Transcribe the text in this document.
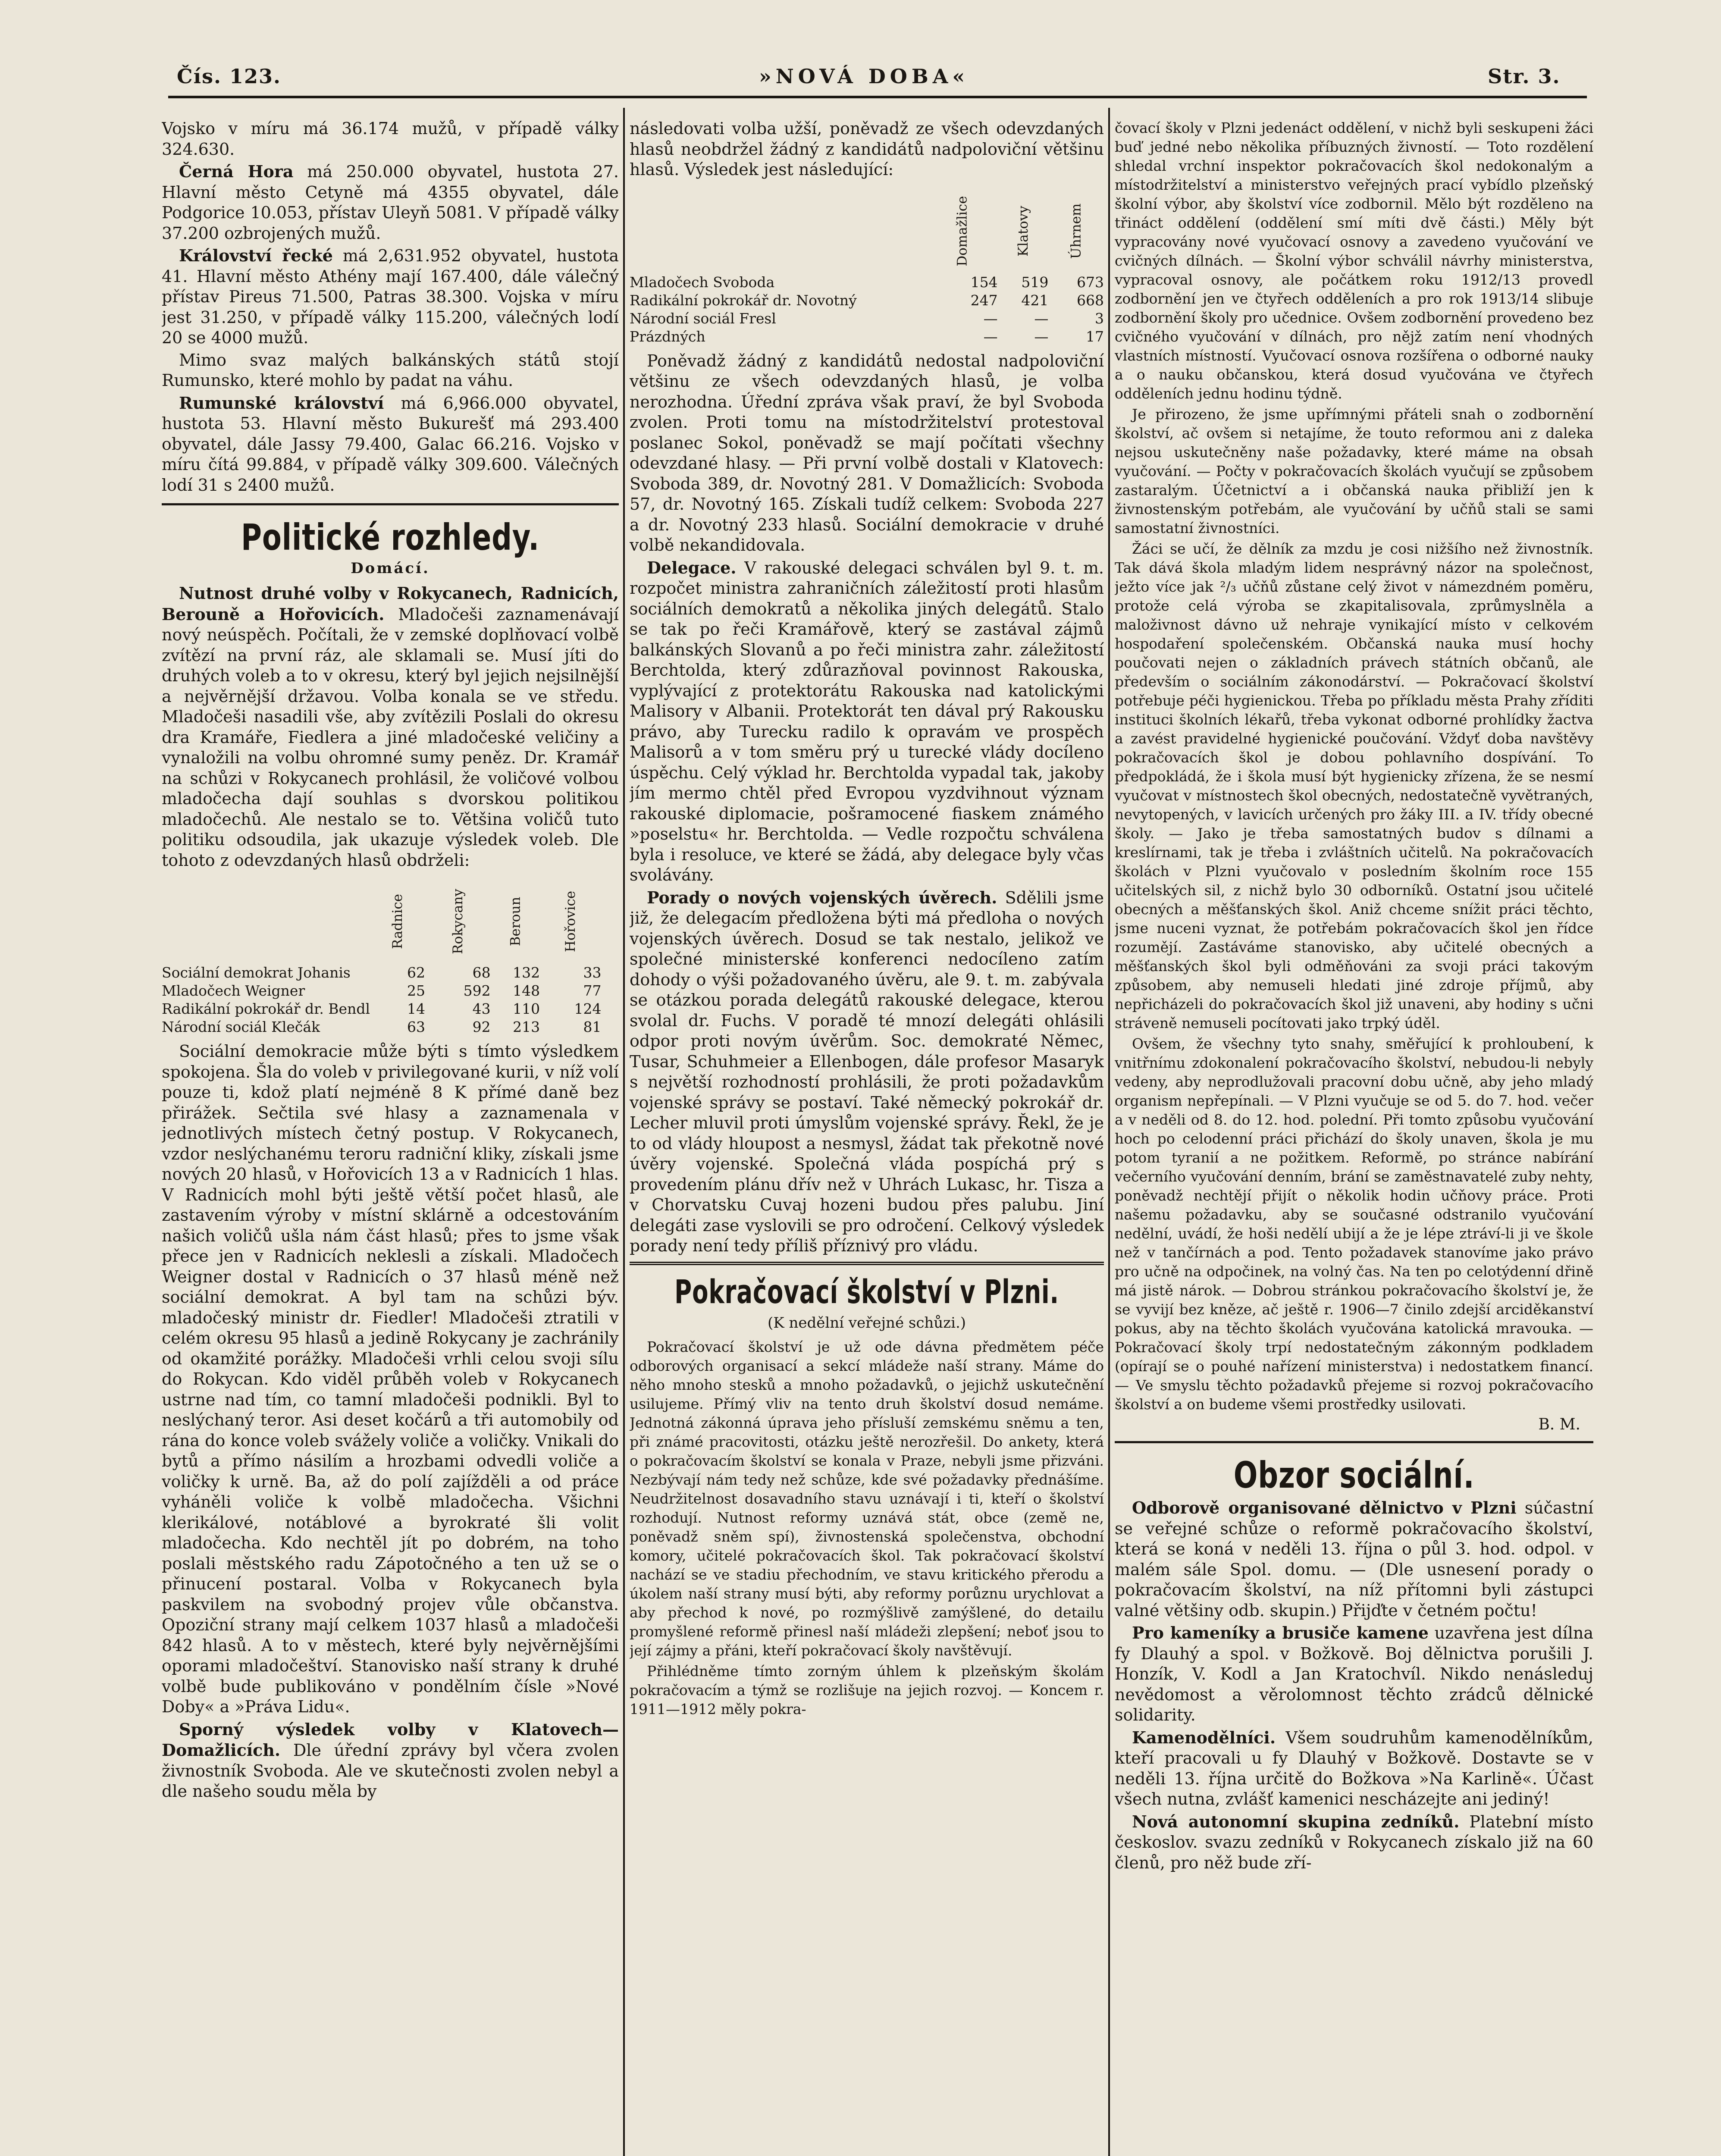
Čís. 123.	»NOVÁ DOBA«	Str. 3.

Vojsko v míru má 36.174 mužů, v případě války 324.630.

Černá Hora má 250.000 obyvatel, hustota 27. Hlavní město Cetyně má 4355 obyvatel, dále Podgorice 10.053, přístav Uleyň 5081. V případě války 37.200 ozbrojených mužů.

Království řecké má 2,631.952 obyvatel, hustota 41. Hlavní město Athény mají 167.400, dále válečný přístav Pireus 71.500, Patras 38.300. Vojska v míru jest 31.250, v případě války 115.200, válečných lodí 20 se 4000 mužů.

Mimo svaz malých balkánských států stojí Rumunsko, které mohlo by padat na váhu.

Rumunské království má 6,966.000 obyvatel, hustota 53. Hlavní město Bukurešť má 293.400 obyvatel, dále Jassy 79.400, Galac 66.216. Vojsko v míru čítá 99.884, v případě války 309.600. Válečných lodí 31 s 2400 mužů.

Politické rozhledy.
Domácí.

Nutnost druhé volby v Rokycanech, Radnicích, Berouně a Hořovicích. Mladočeši zaznamenávají nový neúspěch. Počítali, že v zemské doplňovací volbě zvítězí na první ráz, ale sklamali se. Musí jíti do druhých voleb a to v okresu, který byl jejich nejsilnější a nejvěrnější državou. Volba konala se ve středu. Mladočeši nasadili vše, aby zvítězili Poslali do okresu dra Kramáře, Fiedlera a jiné mladočeské veličiny a vynaložili na volbu ohromné sumy peněz. Dr. Kramář na schůzi v Rokycanech prohlásil, že voličové volbou mladočecha dají souhlas s dvorskou politikou mladočechů. Ale nestalo se to. Většina voličů tuto politiku odsoudila, jak ukazuje výsledek voleb. Dle tohoto z odevzdaných hlasů obdrželi:

	Radnice	Rokycany	Beroun	Hořovice	
Sociální demokrat Johanis	62	68	132	33	
Mladočech Weigner	25	592	148	77	
Radikální pokrokář dr. Bendl	14	43	110	124	
Národní sociál Klečák	63	92	213	81	

Sociální demokracie může býti s tímto výsledkem spokojena. Šla do voleb v privilegované kurii, v níž volí pouze ti, kdož platí nejméně 8 K přímé daně bez přirážek. Sečtila své hlasy a zaznamenala v jednotlivých místech četný postup. V Rokycanech, vzdor neslýchanému teroru radniční kliky, získali jsme nových 20 hlasů, v Hořovicích 13 a v Radnicích 1 hlas. V Radnicích mohl býti ještě větší počet hlasů, ale zastavením výroby v místní sklárně a odcestováním našich voličů ušla nám část hlasů; přes to jsme však přece jen v Radnicích neklesli a získali. Mladočech Weigner dostal v Radnicích o 37 hlasů méně než sociální demokrat. A byl tam na schůzi býv. mladočeský ministr dr. Fiedler! Mladočeši ztratili v celém okresu 95 hlasů a jedině Rokycany je zachránily od okamžité porážky. Mladočeši vrhli celou svoji sílu do Rokycan. Kdo viděl průběh voleb v Rokycanech ustrne nad tím, co tamní mladočeši podnikli. Byl to neslýchaný teror. Asi deset kočárů a tři automobily od rána do konce voleb svážely voliče a voličky. Vnikali do bytů a přímo násilím a hrozbami odvedli voliče a voličky k urně. Ba, až do polí zajížděli a od práce vyháněli voliče k volbě mladočecha. Všichni klerikálové, notáblové a byrokraté šli volit mladočecha. Kdo nechtěl jít po dobrém, na toho poslali městského radu Zápotočného a ten už se o přinucení postaral. Volba v Rokycanech byla paskvilem na svobodný projev vůle občanstva. Opoziční strany mají celkem 1037 hlasů a mladočeši 842 hlasů. A to v městech, které byly nejvěrnějšími oporami mladočeštví. Stanovisko naší strany k druhé volbě bude publikováno v pondělním čísle »Nové Doby« a »Práva Lidu«.

Sporný výsledek volby v Klatovech— Domažlicích. Dle úřední zprávy byl včera zvolen živnostník Svoboda. Ale ve skutečnosti zvolen nebyl a dle našeho soudu měla by

následovati volba užší, poněvadž ze všech odevzdaných hlasů neobdržel žádný z kandidátů nadpoloviční většinu hlasů. Výsledek jest následující:

	Domažlice	Klatovy	Úhrnem
Mladočech Svoboda	154	519	673
Radikální pokrokář dr. Novotný	247	421	668
Národní sociál Fresl	—	—	3
Prázdných	—	—	17

Poněvadž žádný z kandidátů nedostal nadpoloviční většinu ze všech odevzdaných hlasů, je volba nerozhodna. Úřední zpráva však praví, že byl Svoboda zvolen. Proti tomu na místodržitelství protestoval poslanec Sokol, poněvadž se mají počítati všechny odevzdané hlasy. — Při první volbě dostali v Klatovech: Svoboda 389, dr. Novotný 281. V Domažlicích: Svoboda 57, dr. Novotný 165. Získali tudíž celkem: Svoboda 227 a dr. Novotný 233 hlasů. Sociální demokracie v druhé volbě nekandidovala.

Delegace. V rakouské delegaci schválen byl 9. t. m. rozpočet ministra zahraničních záležitostí proti hlasům sociálních demokratů a několika jiných delegátů. Stalo se tak po řeči Kramářově, který se zastával zájmů balkánských Slovanů a po řeči ministra zahr. záležitostí Berchtolda, který zdůrazňoval povinnost Rakouska, vyplývající z protektorátu Rakouska nad katolickými Malisory v Albanii. Protektorát ten dával prý Rakousku právo, aby Turecku radilo k opravám ve prospěch Malisorů a v tom směru prý u turecké vlády docíleno úspěchu. Celý výklad hr. Berchtolda vypadal tak, jakoby jím mermo chtěl před Evropou vyzdvihnout význam rakouské diplomacie, pošramocené fiaskem známého »poselstu« hr. Berchtolda. — Vedle rozpočtu schválena byla i resoluce, ve které se žádá, aby delegace byly včas svolávány.

Porady o nových vojenských úvěrech. Sdělili jsme již, že delegacím předložena býti má předloha o nových vojenských úvěrech. Dosud se tak nestalo, jelikož ve společné ministerské konferenci nedocíleno zatím dohody o výši požadovaného úvěru, ale 9. t. m. zabývala se otázkou porada delegátů rakouské delegace, kterou svolal dr. Fuchs. V poradě té mnozí delegáti ohlásili odpor proti novým úvěrům. Soc. demokraté Němec, Tusar, Schuhmeier a Ellenbogen, dále profesor Masaryk s největší rozhodností prohlásili, že proti požadavkům vojenské správy se postaví. Také německý pokrokář dr. Lecher mluvil proti úmyslům vojenské správy. Řekl, že je to od vlády hloupost a nesmysl, žádat tak překotně nové úvěry vojenské. Společná vláda pospíchá prý s provedením plánu dřív než v Uhrách Lukasc, hr. Tisza a v Chorvatsku Cuvaj hozeni budou přes palubu. Jiní delegáti zase vyslovili se pro odročení. Celkový výsledek porady není tedy příliš příznivý pro vládu.

Pokračovací školství v Plzni.
(K nedělní veřejné schůzi.)

Pokračovací školství je už ode dávna předmětem péče odborových organisací a sekcí mládeže naší strany. Máme do něho mnoho stesků a mnoho požadavků, o jejichž uskutečnění usilujeme. Přímý vliv na tento druh školství dosud nemáme. Jednotná zákonná úprava jeho přísluší zemskému sněmu a ten, při známé pracovitosti, otázku ještě nerozřešil. Do ankety, která o pokračovacím školství se konala v Praze, nebyli jsme přizváni. Nezbývají nám tedy než schůze, kde své požadavky přednášíme. Neudržitelnost dosavadního stavu uznávají i ti, kteří o školství rozhodují. Nutnost reformy uznává stát, obce (země ne, poněvadž sněm spí), živnostenská společenstva, obchodní komory, učitelé pokračovacích škol. Tak pokračovací školství nachází se ve stadiu přechodním, ve stavu kritického přerodu a úkolem naší strany musí býti, aby reformy porůznu urychlovat a aby přechod k nové, po rozmýšlivě zamýšlené, do detailu promyšlené reformě přinesl naší mládeži zlepšení; neboť jsou to její zájmy a přáni, kteří pokračovací školy navštěvují.

Přihlédněme tímto zorným úhlem k plzeňským školám pokračovacím a týmž se rozlišuje na jejich rozvoj. — Koncem r. 1911—1912 měly pokra-

čovací školy v Plzni jedenáct oddělení, v nichž byli seskupeni žáci buď jedné nebo několika příbuzných živností. — Toto rozdělení shledal vrchní inspektor pokračovacích škol nedokonalým a místodržitelství a ministerstvo veřejných prací vybídlo plzeňský školní výbor, aby školství více zodbornil. Mělo být rozděleno na třináct oddělení (oddělení smí míti dvě části.) Měly být vypracovány nové vyučovací osnovy a zavedeno vyučování ve cvičných dílnách. — Školní výbor schválil návrhy ministerstva, vypracoval osnovy, ale počátkem roku 1912/13 provedl zodbornění jen ve čtyřech odděleních a pro rok 1913/14 slibuje zodbornění školy pro učednice. Ovšem zodbornění provedeno bez cvičného vyučování v dílnách, pro nějž zatím není vhodných vlastních místností. Vyučovací osnova rozšířena o odborné nauky a o nauku občanskou, která dosud vyučována ve čtyřech odděleních jednu hodinu týdně.

Je přirozeno, že jsme upřímnými přáteli snah o zodbornění školství, ač ovšem si netajíme, že touto reformou ani z daleka nejsou uskutečněny naše požadavky, které máme na obsah vyučování. — Počty v pokračovacích školách vyučují se způsobem zastaralým. Účetnictví a i občanská nauka přibliží jen k živnostenským potřebám, ale vyučování by učňů stali se sami samostatní živnostníci.

Žáci se učí, že dělník za mzdu je cosi nižšího než živnostník. Tak dává škola mladým lidem nesprávný názor na společnost, ježto více jak ²/₃ učňů zůstane celý život v námezdném poměru, protože celá výroba se zkapitalisovala, zprůmyslněla a maloživnost dávno už nehraje vynikající místo v celkovém hospodaření společenském. Občanská nauka musí hochy poučovati nejen o základních právech státních občanů, ale především o sociálním zákonodárství. — Pokračovací školství potřebuje péči hygienickou. Třeba po příkladu města Prahy zříditi instituci školních lékařů, třeba vykonat odborné prohlídky žactva a zavést pravidelné hygienické poučování. Vždyť doba navštěvy pokračovacích škol je dobou pohlavního dospívání. To předpokládá, že i škola musí být hygienicky zřízena, že se nesmí vyučovat v místnostech škol obecných, nedostatečně vyvětraných, nevytopených, v lavicích určených pro žáky III. a IV. třídy obecné školy. — Jako je třeba samostatných budov s dílnami a kreslírnami, tak je třeba i zvláštních učitelů. Na pokračovacích školách v Plzni vyučovalo v posledním školním roce 155 učitelských sil, z nichž bylo 30 odborníků. Ostatní jsou učitelé obecných a měšťanských škol. Aniž chceme snížit práci těchto, jsme nuceni vyznat, že potřebám pokračovacích škol jen řídce rozumějí. Zastáváme stanovisko, aby učitelé obecných a měšťanských škol byli odměňováni za svoji práci takovým způsobem, aby nemuseli hledati jiné zdroje příjmů, aby nepřicházeli do pokračovacích škol již unaveni, aby hodiny s učni stráveně nemuseli pocítovati jako trpký úděl.

Ovšem, že všechny tyto snahy, směřující k prohloubení, k vnitřnímu zdokonalení pokračovacího školství, nebudou-li nebyly vedeny, aby neprodlužovali pracovní dobu učně, aby jeho mladý organism nepřepínali. — V Plzni vyučuje se od 5. do 7. hod. večer a v neděli od 8. do 12. hod. polední. Při tomto způsobu vyučování hoch po celodenní práci přichází do školy unaven, škola je mu potom tyranií a ne požitkem. Reformě, po stránce nabírání večerního vyučování denním, brání se zaměstnavatelé zuby nehty, poněvadž nechtějí přijít o několik hodin učňovy práce. Proti našemu požadavku, aby se současné odstranilo vyučování nedělní, uvádí, že hoši nedělí ubijí a že je lépe ztráví-li ji ve škole než v tančírnách a pod. Tento požadavek stanovíme jako právo pro učně na odpočinek, na volný čas. Na ten po celotýdenní dřině má jistě nárok. — Dobrou stránkou pokračovacího školství je, že se vyvijí bez kněze, ač ještě r. 1906—7 činilo zdejší arciděkanství pokus, aby na těchto školách vyučována katolická mravouka. — Pokračovací školy trpí nedostatečným zákonným podkladem (opírají se o pouhé nařízení ministerstva) i nedostatkem financí. — Ve smyslu těchto požadavků přejeme si rozvoj pokračovacího školství a on budeme všemi prostředky usilovati.

B. M.
Obzor sociální.

Odborově organisované dělnictvo v Plzni súčastní se veřejné schůze o reformě pokračovacího školství, která se koná v neděli 13. října o půl 3. hod. odpol. v malém sále Spol. domu. — (Dle usnesení porady o pokračovacím školství, na níž přítomni byli zástupci valné většiny odb. skupin.) Přijďte v četném počtu!

Pro kameníky a brusiče kamene uzavřena jest dílna fy Dlauhý a spol. v Božkově. Boj dělnictva porušili J. Honzík, V. Kodl a Jan Kratochvíl. Nikdo nenásleduj nevědomost a věrolomnost těchto zrádců dělnické solidarity.

Kamenodělníci. Všem soudruhům kamenodělníkům, kteří pracovali u fy Dlauhý v Božkově. Dostavte se v neděli 13. října určitě do Božkova »Na Karlině«. Účast všech nutna, zvlášť kamenici nescházejte ani jediný!

Nová autonomní skupina zedníků. Platební místo českoslov. svazu zedníků v Rokycanech získalo již na 60 členů, pro něž bude zří-
